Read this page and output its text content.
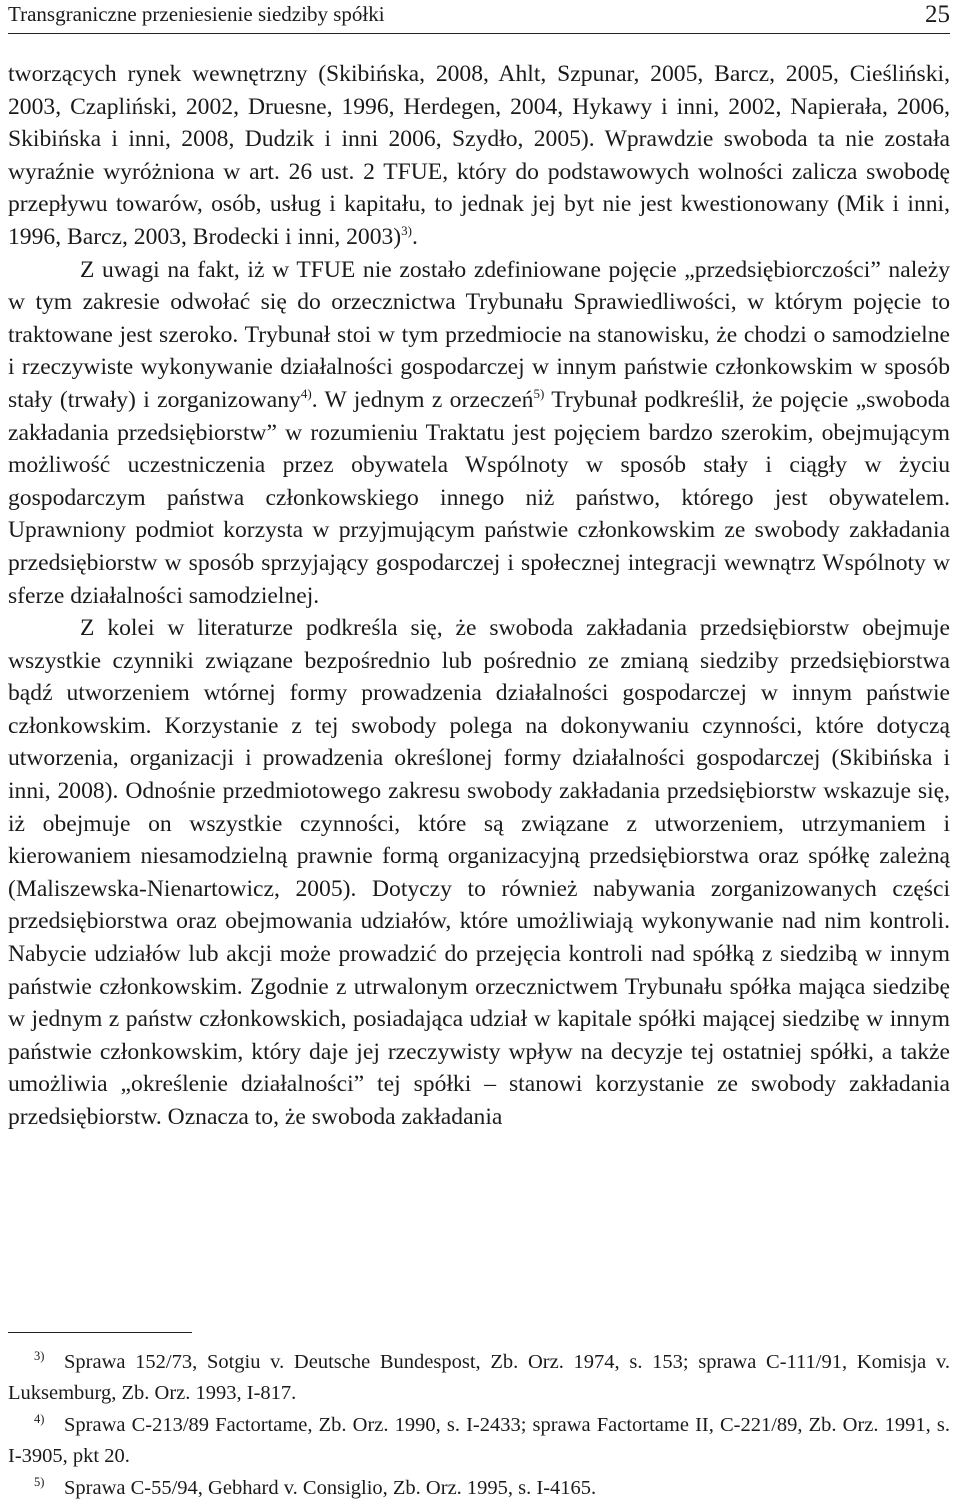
Transgraniczne przeniesienie siedziby spółki	25

tworzących rynek wewnętrzny (Skibińska, 2008, Ahlt, Szpunar, 2005, Barcz, 2005, Cieśliński, 2003, Czapliński, 2002, Druesne, 1996, Herdegen, 2004, Hykawy i inni, 2002, Napierała, 2006, Skibińska i inni, 2008, Dudzik i inni 2006, Szydło, 2005). Wprawdzie swoboda ta nie została wyraźnie wyróżniona w art. 26 ust. 2 TFUE, który do podstawowych wolności zalicza swobodę przepływu towarów, osób, usług i kapitału, to jednak jej byt nie jest kwestionowany (Mik i inni, 1996, Barcz, 2003, Brodecki i inni, 2003)$^{3)}$.

Z uwagi na fakt, iż w TFUE nie zostało zdefiniowane pojęcie „przedsiębiorczości” należy w tym zakresie odwołać się do orzecznictwa Trybunału Sprawiedliwości, w którym pojęcie to traktowane jest szeroko. Trybunał stoi w tym przedmiocie na stanowisku, że chodzi o samodzielne i rzeczywiste wykonywanie działalności gospodarczej w innym państwie członkowskim w sposób stały (trwały) i zorganizowany$^{4)}$. W jednym z orzeczeń$^{5)}$ Trybunał podkreślił, że pojęcie „swoboda zakładania przedsiębiorstw” w rozumieniu Traktatu jest pojęciem bardzo szerokim, obejmującym możliwość uczestniczenia przez obywatela Wspólnoty w sposób stały i ciągły w życiu gospodarczym państwa członkowskiego innego niż państwo, którego jest obywatelem. Uprawniony podmiot korzysta w przyjmującym państwie członkowskim ze swobody zakładania przedsiębiorstw w sposób sprzyjający gospodarczej i społecznej integracji wewnątrz Wspólnoty w sferze działalności samodzielnej.

Z kolei w literaturze podkreśla się, że swoboda zakładania przedsiębiorstw obejmuje wszystkie czynniki związane bezpośrednio lub pośrednio ze zmianą siedziby przedsiębiorstwa bądź utworzeniem wtórnej formy prowadzenia działalności gospodarczej w innym państwie członkowskim. Korzystanie z tej swobody polega na dokonywaniu czynności, które dotyczą utworzenia, organizacji i prowadzenia określonej formy działalności gospodarczej (Skibińska i inni, 2008). Odnośnie przedmiotowego zakresu swobody zakładania przedsiębiorstw wskazuje się, iż obejmuje on wszystkie czynności, które są związane z utworzeniem, utrzymaniem i kierowaniem niesamodzielną prawnie formą organizacyjną przedsiębiorstwa oraz spółkę zależną (Maliszewska-Nienartowicz, 2005). Dotyczy to również nabywania zorganizowanych części przedsiębiorstwa oraz obejmowania udziałów, które umożliwiają wykonywanie nad nim kontroli. Nabycie udziałów lub akcji może prowadzić do przejęcia kontroli nad spółką z siedzibą w innym państwie członkowskim. Zgodnie z utrwalonym orzecznictwem Trybunału spółka mająca siedzibę w jednym z państw członkowskich, posiadająca udział w kapitale spółki mającej siedzibę w innym państwie członkowskim, który daje jej rzeczywisty wpływ na decyzje tej ostatniej spółki, a także umożliwia „określenie działalności” tej spółki – stanowi korzystanie ze swobody zakładania przedsiębiorstw. Oznacza to, że swoboda zakładania

3) Sprawa 152/73, Sotgiu v. Deutsche Bundespost, Zb. Orz. 1974, s. 153; sprawa C-111/91, Komisja v. Luksemburg, Zb. Orz. 1993, I-817.
4) Sprawa C-213/89 Factortame, Zb. Orz. 1990, s. I-2433; sprawa Factortame II, C-221/89, Zb. Orz. 1991, s. I-3905, pkt 20.
5) Sprawa C-55/94, Gebhard v. Consiglio, Zb. Orz. 1995, s. I-4165.
